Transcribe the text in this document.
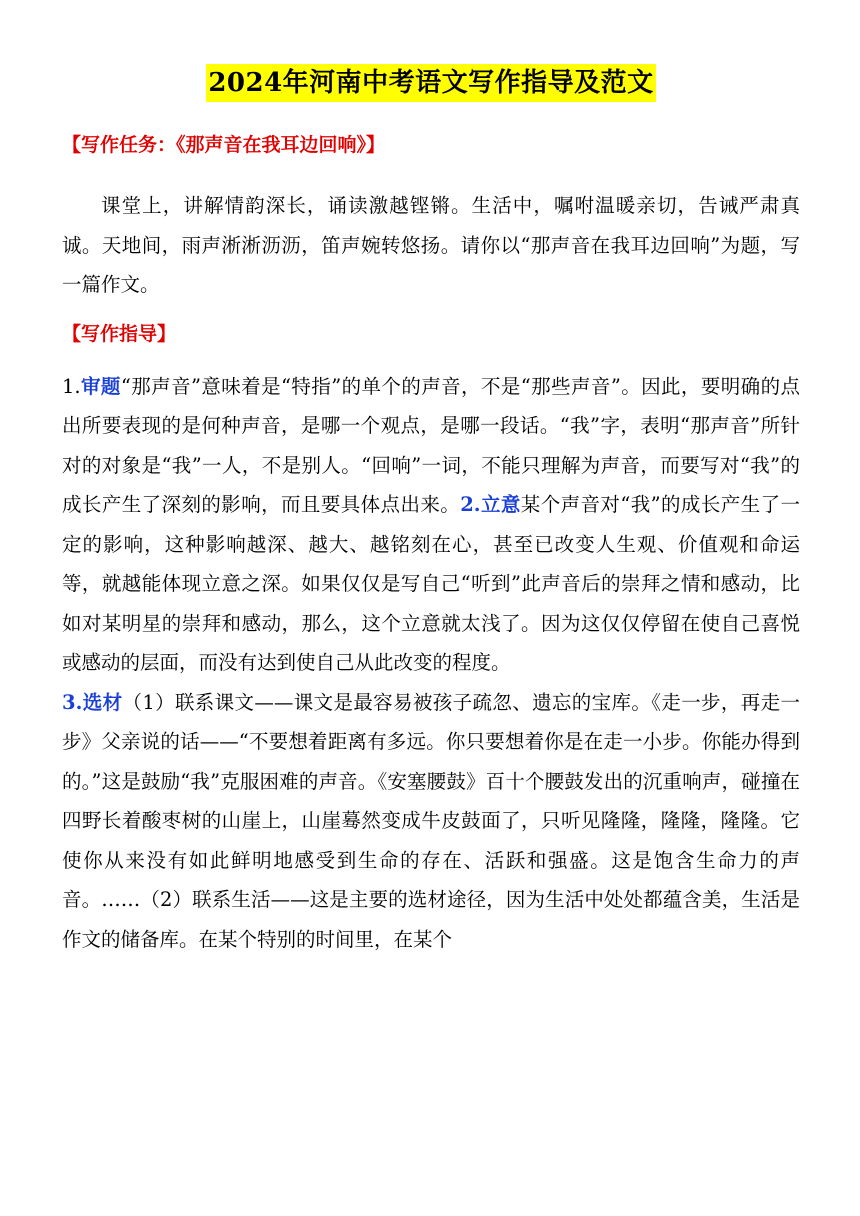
2024年河南中考语文写作指导及范文

【写作任务：《那声音在我耳边回响》】

课堂上，讲解情韵深长，诵读激越铿锵。生活中，嘱咐温暖亲切，告诫严肃真诚。天地间，雨声淅淅沥沥，笛声婉转悠扬。请你以“那声音在我耳边回响”为题，写一篇作文。

【写作指导】

1.审题“那声音”意味着是“特指”的单个的声音，不是“那些声音”。因此，要明确的点出所要表现的是何种声音，是哪一个观点，是哪一段话。“我”字，表明“那声音”所针对的对象是“我”一人，不是别人。“回响”一词，不能只理解为声音，而要写对“我”的成长产生了深刻的影响，而且要具体点出来。2.立意某个声音对“我”的成长产生了一定的影响，这种影响越深、越大、越铭刻在心，甚至已改变人生观、价值观和命运等，就越能体现立意之深。如果仅仅是写自己“听到”此声音后的崇拜之情和感动，比如对某明星的崇拜和感动，那么，这个立意就太浅了。因为这仅仅停留在使自己喜悦或感动的层面，而没有达到使自己从此改变的程度。

3.选材（1）联系课文——课文是最容易被孩子疏忽、遗忘的宝库。《走一步，再走一步》父亲说的话——“不要想着距离有多远。你只要想着你是在走一小步。你能办得到的。”这是鼓励“我”克服困难的声音。《安塞腰鼓》百十个腰鼓发出的沉重响声，碰撞在四野长着酸枣树的山崖上，山崖蓦然变成牛皮鼓面了，只听见隆隆，隆隆，隆隆。它使你从来没有如此鲜明地感受到生命的存在、活跃和强盛。这是饱含生命力的声音。……（2）联系生活——这是主要的选材途径，因为生活中处处都蕴含美，生活是作文的储备库。在某个特别的时间里，在某个
